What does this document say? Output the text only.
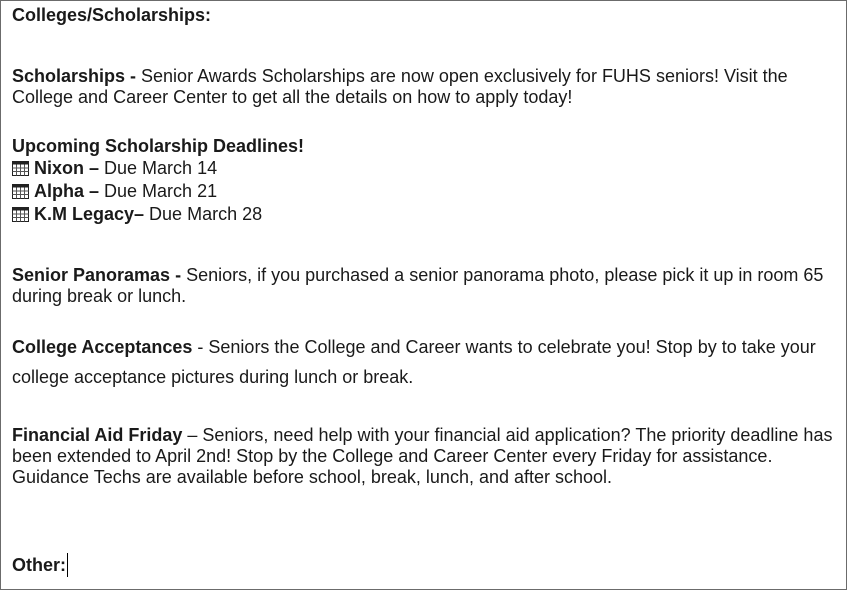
Colleges/Scholarships:

Scholarships - Senior Awards Scholarships are now open exclusively for FUHS seniors! Visit the College and Career Center to get all the details on how to apply today!

Upcoming Scholarship Deadlines!

Nixon – Due March 14

Alpha – Due March 21

K.M Legacy– Due March 28

Senior Panoramas - Seniors, if you purchased a senior panorama photo, please pick it up in room 65 during break or lunch.

College Acceptances - Seniors the College and Career wants to celebrate you! Stop by to take your college acceptance pictures during lunch or break.

Financial Aid Friday – Seniors, need help with your financial aid application? The priority deadline has been extended to April 2nd! Stop by the College and Career Center every Friday for assistance. Guidance Techs are available before school, break, lunch, and after school.

Other:
